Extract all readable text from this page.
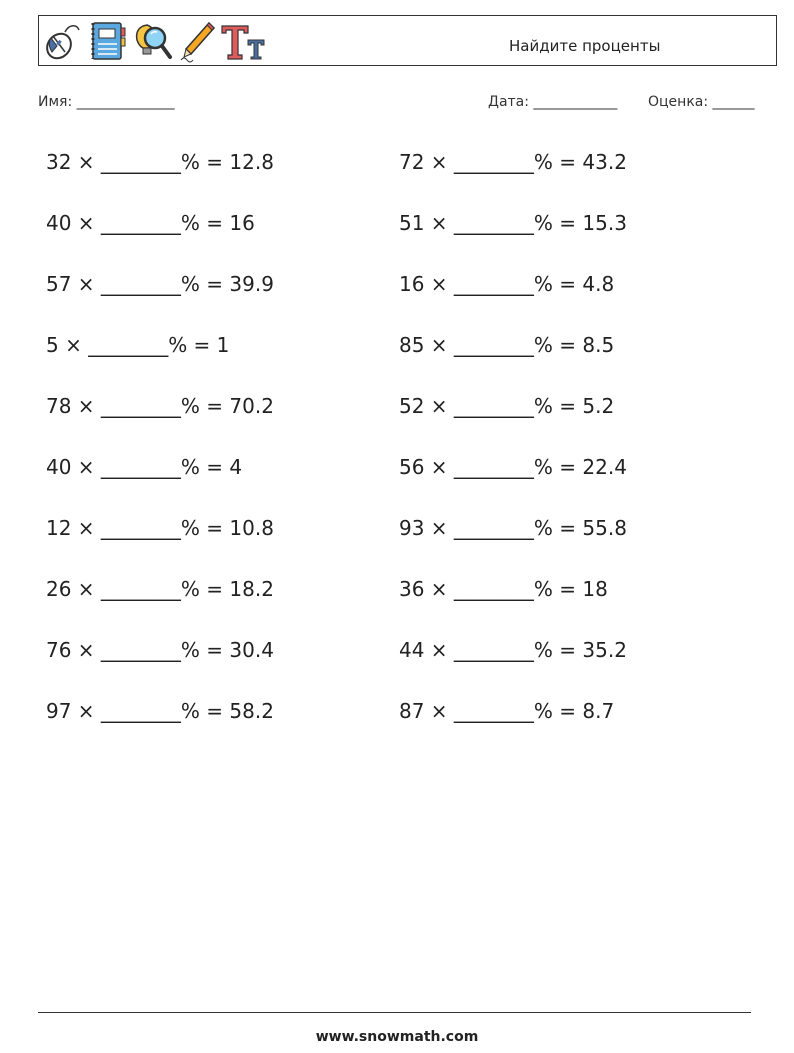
Найдите проценты
Имя: ______________	Дата: ____________ Оценка: ______
32 × ________% = 12.8
40 × ________% = 16
57 × ________% = 39.9
5 × ________% = 1
78 × ________% = 70.2
40 × ________% = 4
12 × ________% = 10.8
26 × ________% = 18.2
76 × ________% = 30.4
97 × ________% = 58.2
72 × ________% = 43.2
51 × ________% = 15.3
16 × ________% = 4.8
85 × ________% = 8.5
52 × ________% = 5.2
56 × ________% = 22.4
93 × ________% = 55.8
36 × ________% = 18
44 × ________% = 35.2
87 × ________% = 8.7
www.snowmath.com
